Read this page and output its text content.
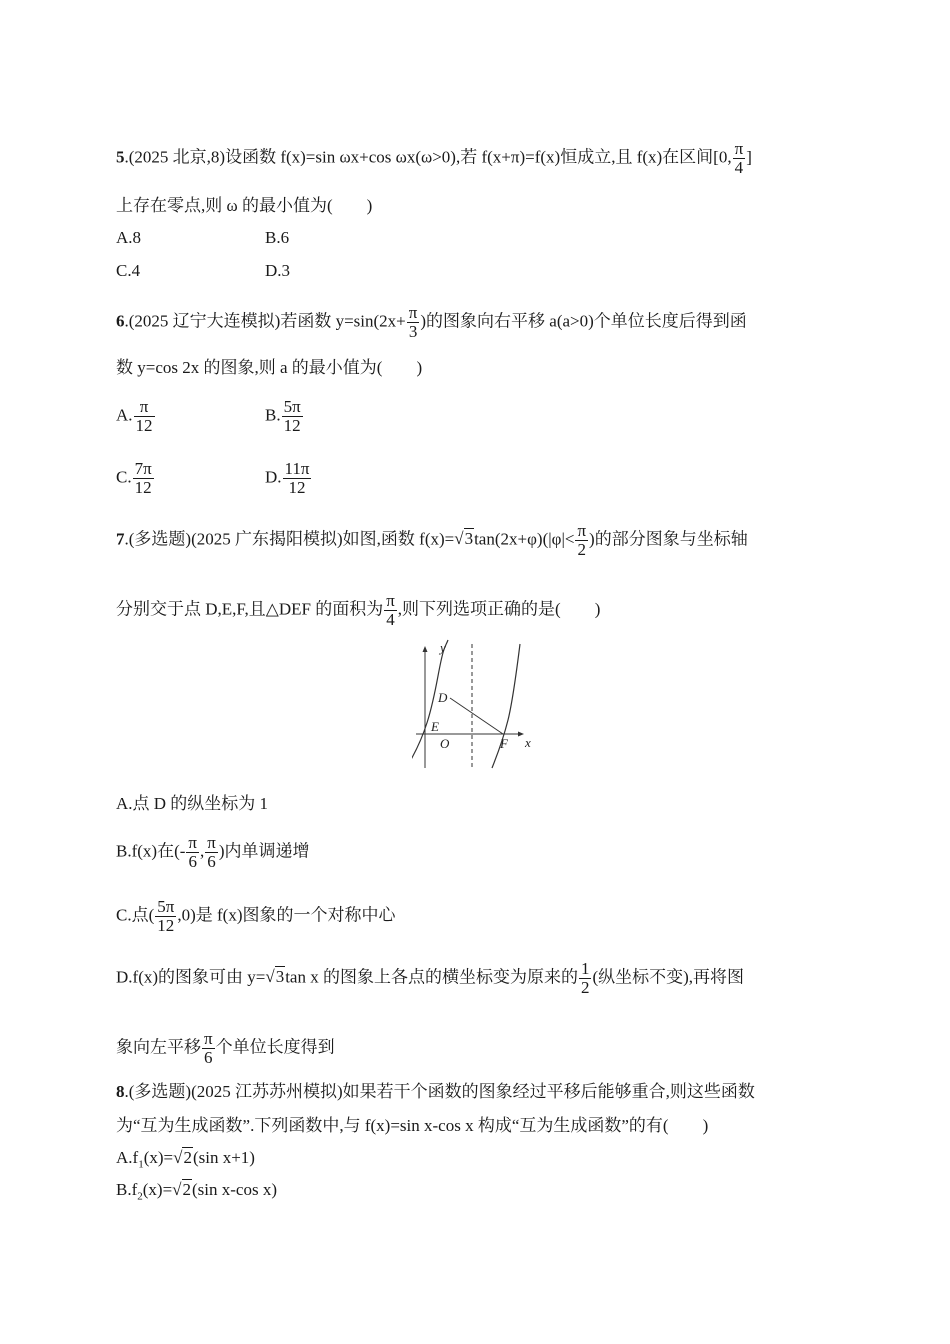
5.(2025 北京,8)设函数 f(x)=sin ωx+cos ωx(ω>0),若 f(x+π)=f(x)恒成立,且 f(x)在区间[0, $\frac{\pi}{4}$ ]
上存在零点,则 ω 的最小值为(　　)
A.8	B.6
C.4	D.3
6.(2025 辽宁大连模拟)若函数 $y=\sin(2x+ \frac{\pi}{3}$ )的图象向右平移 a(a>0)个单位长度后得到函
数 y=cos 2x 的图象,则 a 的最小值为(　　)
A. $\frac{\pi}{12}$	B. $\frac{5\pi}{12}$
C. $\frac{7\pi}{12}$	D. $\frac{11\pi}{12}$
7.(多选题)(2025 广东揭阳模拟)如图,函数 $f(x)=√3\tan(2x+\varphi)(|\varphi|< \frac{\pi}{2}$ )的部分图象与坐标轴
分别交于点 D,E,F,且△DEF 的面积为 $\frac{\pi}{4}$ ,则下列选项正确的是(　　)
y
x
D
E
O	F
A.点 D 的纵坐标为 1
B.f(x)在(- $\frac{\pi}{6}$ , $\frac{\pi}{6}$ )内单调递增
C.点( $\frac{5\pi}{12} ,0$)是 f(x)图象的一个对称中心
D.f(x)的图象可由 y=√3tan x 的图象上各点的横坐标变为原来的 $\frac{1}{2}$ (纵坐标不变),再将图
象向左平移 $\frac{\pi}{6}$ 个单位长度得到
8.(多选题)(2025 江苏苏州模拟)如果若干个函数的图象经过平移后能够重合,则这些函数
为“互为生成函数”.下列函数中,与 f(x)=sin x-cos x 构成“互为生成函数”的有(　　)
$A.f_1(x)=√2(\sin$ x+1)
$B.f_2(x)=√2(\sin$ x-cos x)
